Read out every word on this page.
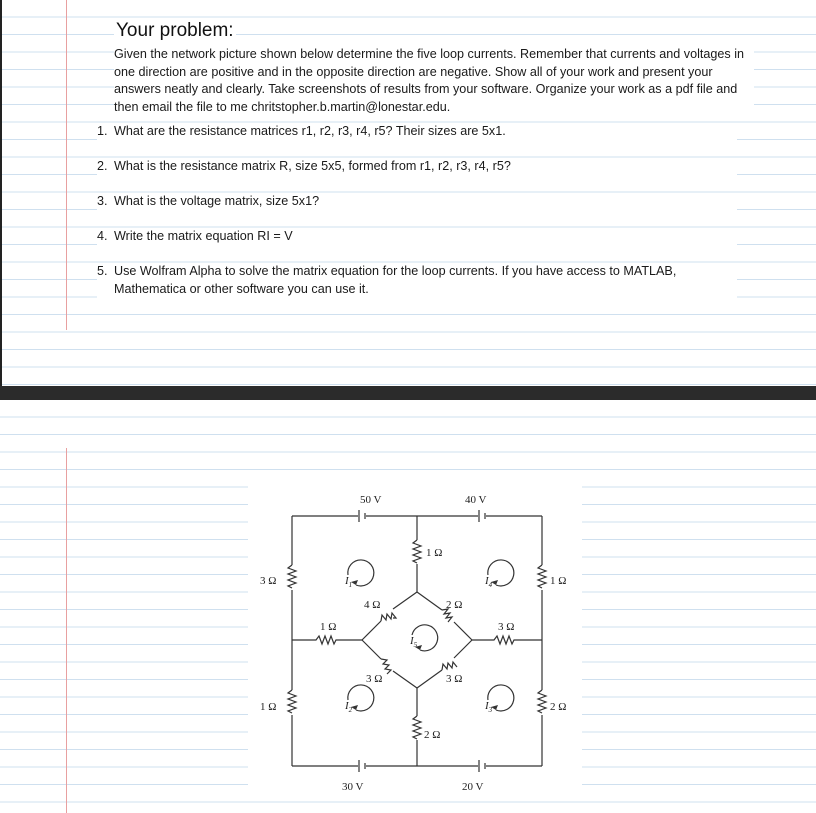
Your problem:
Given the network picture shown below determine the five loop currents. Remember that currents and voltages in one direction are positive and in the opposite direction are negative. Show all of your work and present your answers neatly and clearly. Take screenshots of results from your software. Organize your work as a pdf file and then email the file to me chritstopher.b.martin@lonestar.edu.
1. What are the resistance matrices r1, r2, r3, r4, r5? Their sizes are 5x1.
2. What is the resistance matrix R, size 5x5, formed from r1, r2, r3, r4, r5?
3. What is the voltage matrix, size 5x1?
4. Write the matrix equation RI = V
5. Use Wolfram Alpha to solve the matrix equation for the loop currents. If you have access to MATLAB,
Mathematica or other software you can use it.
50 V	40 V
30 V	20 V
3 Ω
1 Ω
1 Ω
2 Ω
1 Ω
2 Ω
1 Ω	3 Ω
4 Ω	2 Ω
3 Ω	3 Ω
$I_1$	$I_4$
$I_2$	$I_3$
$I_5$
